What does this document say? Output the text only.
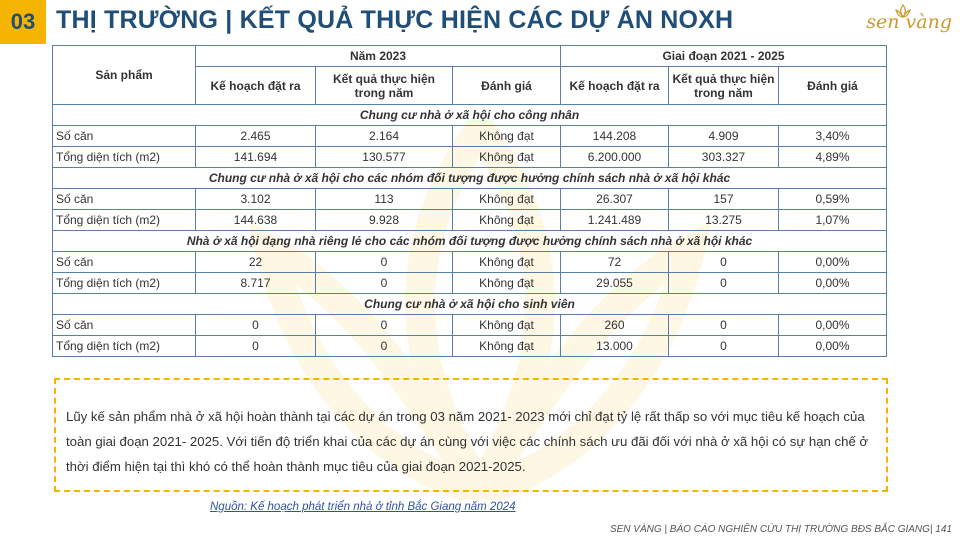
03 THỊ TRƯỜNG | KẾT QUẢ THỰC HIỆN CÁC DỰ ÁN NOXH	sen vàng
Sản phẩm	Năm 2023			Giai đoạn 2021 - 2025		
	Kế hoạch đặt ra	Kết quả thực hiện trong năm	Đánh giá	Kế hoạch đặt ra	Kết quả thực hiện trong năm	Đánh giá
Chung cư nhà ở xã hội cho công nhân						
Số căn	2.465	2.164	Không đạt	144.208	4.909	3,40%
Tổng diện tích (m2)	141.694	130.577	Không đạt	6.200.000	303.327	4,89%
Chung cư nhà ở xã hội cho các nhóm đối tượng được hưởng chính sách nhà ở xã hội khác						
Số căn	3.102	113	Không đạt	26.307	157	0,59%
Tổng diện tích (m2)	144.638	9.928	Không đạt	1.241.489	13.275	1,07%
Nhà ở xã hội dạng nhà riêng lẻ cho các nhóm đối tượng được hưởng chính sách nhà ở xã hội khác						
Số căn	22	0	Không đạt	72	0	0,00%
Tổng diện tích (m2)	8.717	0	Không đạt	29.055	0	0,00%
Chung cư nhà ở xã hội cho sinh viên						
Số căn	0	0	Không đạt	260	0	0,00%
Tổng diện tích (m2)	0	0	Không đạt	13.000	0	0,00%
Lũy kế sản phẩm nhà ở xã hội hoàn thành tại các dự án trong 03 năm 2021- 2023 mới chỉ đạt tỷ lệ rất thấp so với mục tiêu kế hoạch của toàn giai đoạn 2021- 2025. Với tiến độ triển khai của các dự án cùng với việc các chính sách ưu đãi đối với nhà ở xã hội có sự hạn chế ở thời điểm hiện tại thì khó có thể hoàn thành mục tiêu của giai đoạn 2021-2025.
Nguồn: Kế hoạch phát triển nhà ở tỉnh Bắc Giang năm 2024
SEN VÀNG | BÁO CÁO NGHIÊN CỨU THỊ TRƯỜNG BĐS BẮC GIANG| 141
